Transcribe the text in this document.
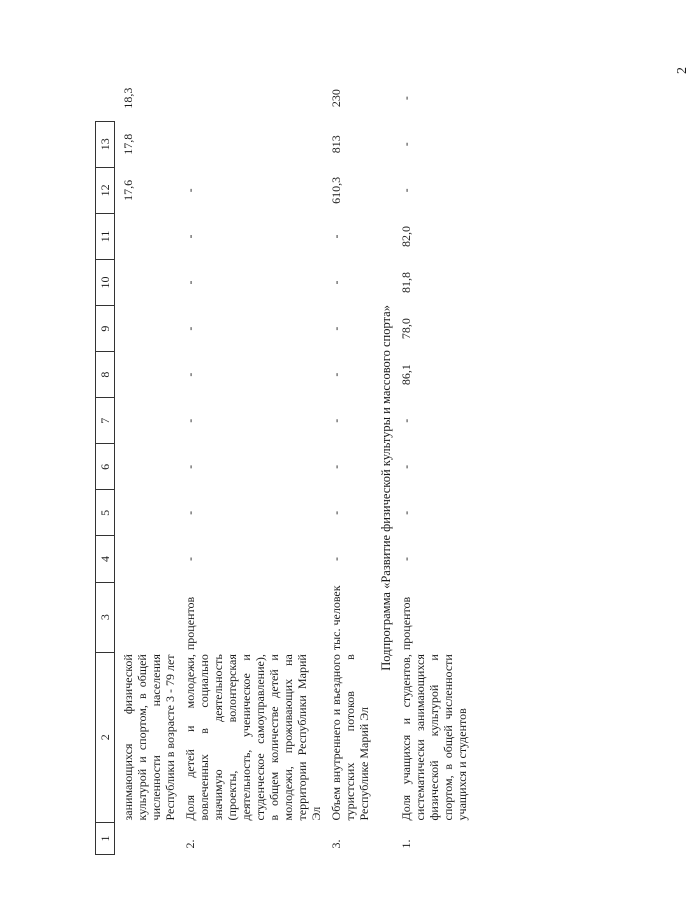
2
1	2	3	4	5	6	7	8	9	10	11	12	13	

	занимающихся физической культурой и спортом, в общей численности населения Республики в возрасте 3 - 79 лет										17,6	17,8	18,3

2.	Доля детей и молодежи, вовлеченных в социально значимую деятельность (проекты, волонтерская деятельность, ученическое и студенческое самоуправление), в общем количестве детей и молодежи, проживающих на территории Республики Марий Эл	процентов	-	-	-	-	-	-	-	-	-		

3.	Объем внутреннего и въездного туристских потоков в Республике Марий Эл	тыс. человек	-	-	-	-	-	-	-	-	610,3	813	230
Подпрограмма «Развитие физической культуры и массового спорта»													
1.	Доля учащихся и студентов, систематически занимающихся физической культурой и спортом, в общей численности учащихся и студентов	процентов	-	-	-	-	86,1	78,0	81,8	82,0	-	-	-
